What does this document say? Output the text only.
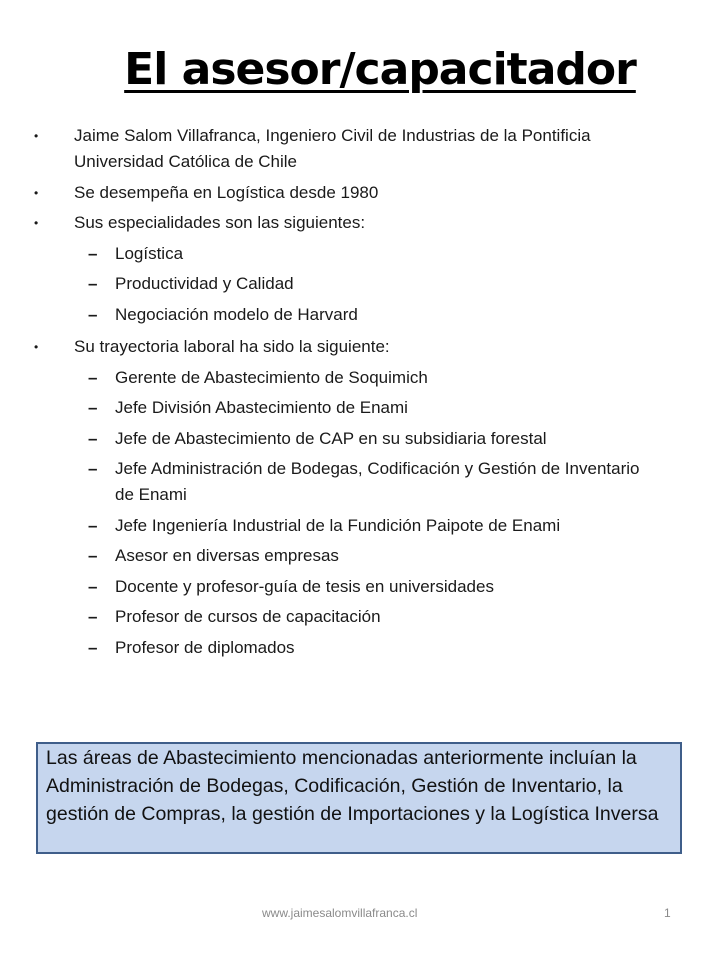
El asesor/capacitador
• Jaime Salom Villafranca, Ingeniero Civil de Industrias de la Pontificia Universidad Católica de Chile
• Se desempeña en Logística desde 1980
• Sus especialidades son las siguientes:
– Logística
– Productividad y Calidad
– Negociación modelo de Harvard
• Su trayectoria laboral ha sido la siguiente:
– Gerente de Abastecimiento de Soquimich
– Jefe División Abastecimiento de Enami
– Jefe de Abastecimiento de CAP en su subsidiaria forestal
– Jefe Administración de Bodegas, Codificación y Gestión de Inventario de Enami
– Jefe Ingeniería Industrial de la Fundición Paipote de Enami
– Asesor en diversas empresas
– Docente y profesor-guía de tesis en universidades
– Profesor de cursos de capacitación
– Profesor de diplomados
Las áreas de Abastecimiento mencionadas anteriormente incluían la Administración de Bodegas, Codificación, Gestión de Inventario, la gestión de Compras, la gestión de Importaciones y la Logística Inversa
www.jaimesalomvillafranca.cl	1
